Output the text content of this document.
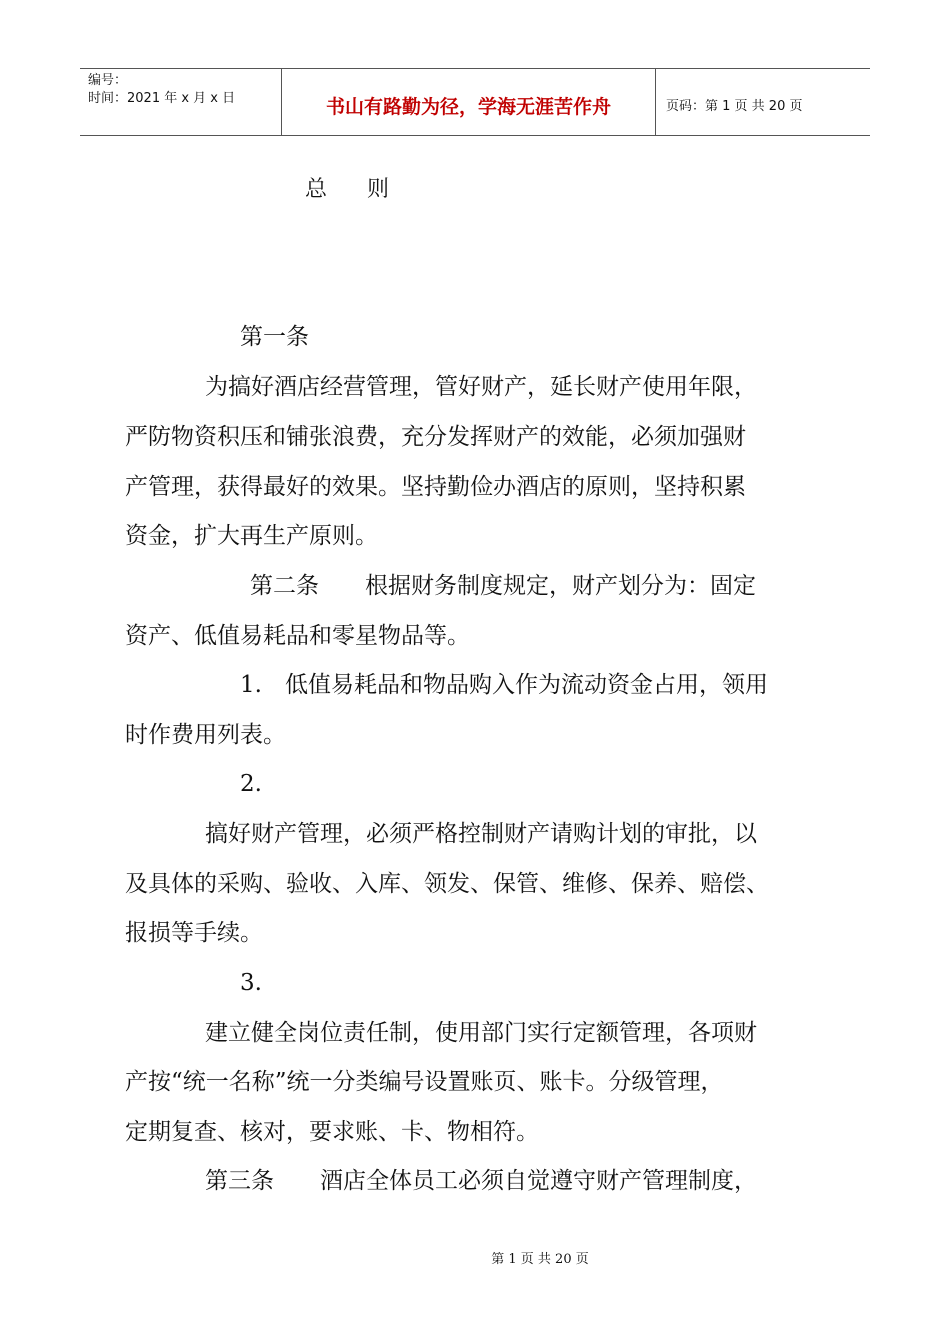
编号：
时间：2021 年 x 月 x 日	书山有路勤为径，学海无涯苦作舟	页码：第 1 页 共 20 页
总 则
第一条
为搞好酒店经营管理，管好财产，延长财产使用年限，
严防物资积压和铺张浪费，充分发挥财产的效能，必须加强财
产管理，获得最好的效果。坚持勤俭办酒店的原则，坚持积累
资金，扩大再生产原则。
第二条　　根据财务制度规定，财产划分为：固定
资产、低值易耗品和零星物品等。
1.　低值易耗品和物品购入作为流动资金占用，领用
时作费用列表。
2.
搞好财产管理，必须严格控制财产请购计划的审批，以
及具体的采购、验收、入库、领发、保管、维修、保养、赔偿、
报损等手续。
3.
建立健全岗位责任制，使用部门实行定额管理，各项财
产按“统一名称”统一分类编号设置账页、账卡。分级管理，
定期复查、核对，要求账、卡、物相符。
第三条　　酒店全体员工必须自觉遵守财产管理制度，
第 1 页 共 20 页
